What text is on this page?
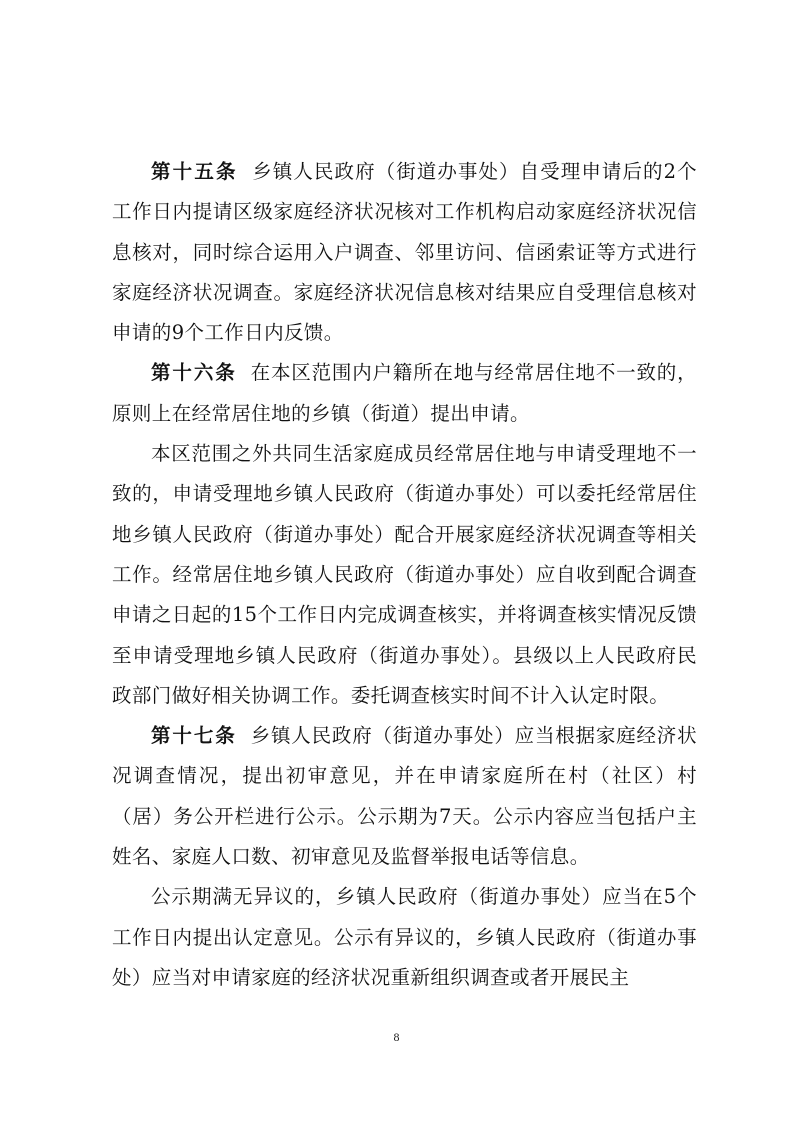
第十五条 乡镇人民政府（街道办事处）自受理申请后的2个工作日内提请区级家庭经济状况核对工作机构启动家庭经济状况信息核对，同时综合运用入户调查、邻里访问、信函索证等方式进行家庭经济状况调查。家庭经济状况信息核对结果应自受理信息核对申请的9个工作日内反馈。

第十六条 在本区范围内户籍所在地与经常居住地不一致的，原则上在经常居住地的乡镇（街道）提出申请。

本区范围之外共同生活家庭成员经常居住地与申请受理地不一致的，申请受理地乡镇人民政府（街道办事处）可以委托经常居住地乡镇人民政府（街道办事处）配合开展家庭经济状况调查等相关工作。经常居住地乡镇人民政府（街道办事处）应自收到配合调查申请之日起的15个工作日内完成调查核实，并将调查核实情况反馈至申请受理地乡镇人民政府（街道办事处）。县级以上人民政府民政部门做好相关协调工作。委托调查核实时间不计入认定时限。

第十七条 乡镇人民政府（街道办事处）应当根据家庭经济状况调查情况，提出初审意见，并在申请家庭所在村（社区）村（居）务公开栏进行公示。公示期为7天。公示内容应当包括户主姓名、家庭人口数、初审意见及监督举报电话等信息。

公示期满无异议的，乡镇人民政府（街道办事处）应当在5个工作日内提出认定意见。公示有异议的，乡镇人民政府（街道办事处）应当对申请家庭的经济状况重新组织调查或者开展民主

8
